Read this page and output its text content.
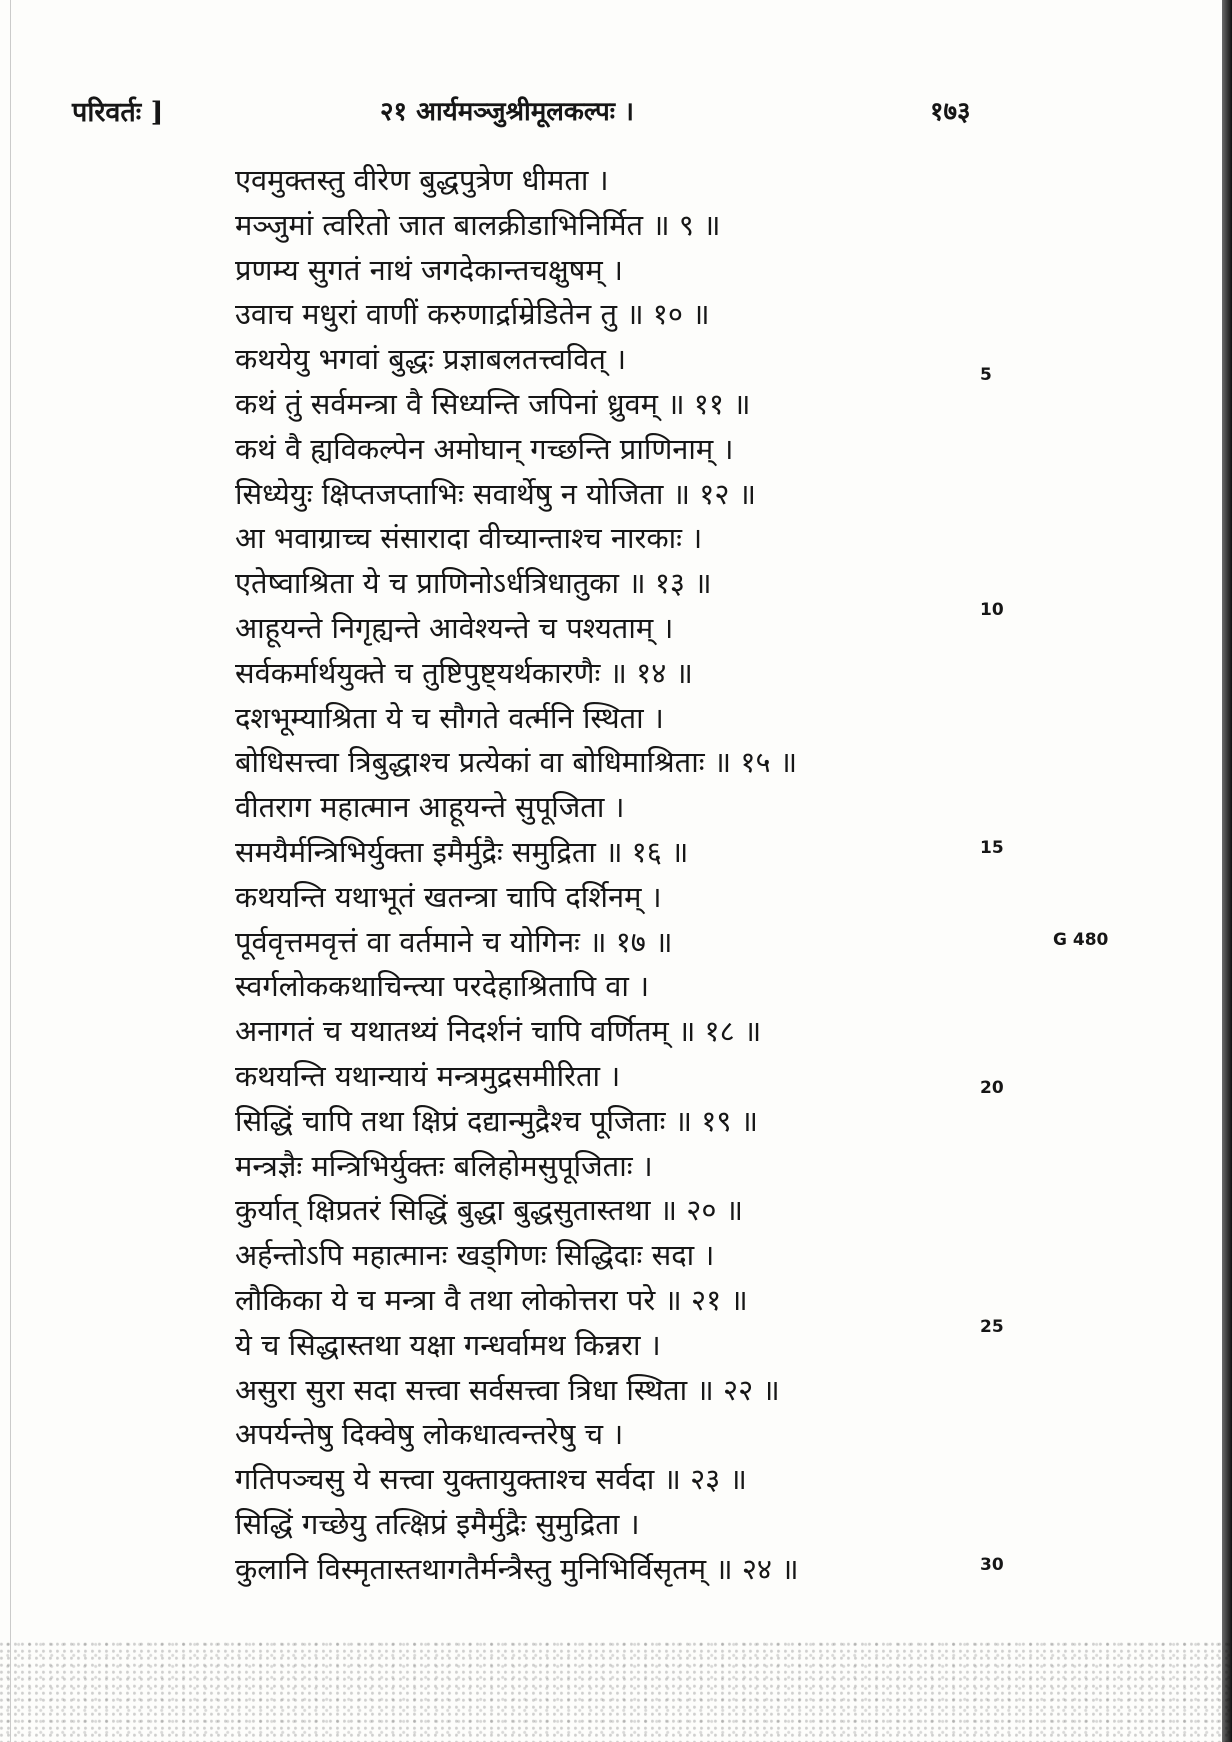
परिवर्तः ]	२१ आर्यमञ्जुश्रीमूलकल्पः ।	१७३
एवमुक्तस्तु वीरेण बुद्धपुत्रेण धीमता ।
मञ्जुमां त्वरितो जात बालक्रीडाभिनिर्मित ॥ ९ ॥
प्रणम्य सुगतं नाथं जगदेकान्तचक्षुषम् ।
उवाच मधुरां वाणीं करुणार्द्राम्रेडितेन तु ॥ १० ॥
कथयेयु भगवां बुद्धः प्रज्ञाबलतत्त्ववित् ।
कथं तुं सर्वमन्त्रा वै सिध्यन्ति जपिनां ध्रुवम् ॥ ११ ॥
कथं वै ह्यविकल्पेन अमोघान् गच्छन्ति प्राणिनाम् ।
सिध्येयुः क्षिप्तजप्ताभिः सवार्थेषु न योजिता ॥ १२ ॥
आ भवाग्राच्च संसारादा वीच्यान्ताश्च नारकाः ।
एतेष्वाश्रिता ये च प्राणिनोऽर्धत्रिधातुका ॥ १३ ॥
आहूयन्ते निगृह्यन्ते आवेश्यन्ते च पश्यताम् ।
सर्वकर्मार्थयुक्ते च तुष्टिपुष्ट्यर्थकारणैः ॥ १४ ॥
दशभूम्याश्रिता ये च सौगते वर्त्मनि स्थिता ।
बोधिसत्त्वा त्रिबुद्धाश्च प्रत्येकां वा बोधिमाश्रिताः ॥ १५ ॥
वीतराग महात्मान आहूयन्ते सुपूजिता ।
समयैर्मन्त्रिभिर्युक्ता इमैर्मुद्रैः समुद्रिता ॥ १६ ॥
कथयन्ति यथाभूतं खतन्त्रा चापि दर्शिनम् ।
पूर्ववृत्तमवृत्तं वा वर्तमाने च योगिनः ॥ १७ ॥
स्वर्गलोककथाचिन्त्या परदेहाश्रितापि वा ।
अनागतं च यथातथ्यं निदर्शनं चापि वर्णितम् ॥ १८ ॥
कथयन्ति यथान्यायं मन्त्रमुद्रसमीरिता ।
सिद्धिं चापि तथा क्षिप्रं दद्यान्मुद्रैश्च पूजिताः ॥ १९ ॥
मन्त्रज्ञैः मन्त्रिभिर्युक्तः बलिहोमसुपूजिताः ।
कुर्यात् क्षिप्रतरं सिद्धिं बुद्धा बुद्धसुतास्तथा ॥ २० ॥
अर्हन्तोऽपि महात्मानः खड्गिणः सिद्धिदाः सदा ।
लौकिका ये च मन्त्रा वै तथा लोकोत्तरा परे ॥ २१ ॥
ये च सिद्धास्तथा यक्षा गन्धर्वामथ किन्नरा ।
असुरा सुरा सदा सत्त्वा सर्वसत्त्वा त्रिधा स्थिता ॥ २२ ॥
अपर्यन्तेषु दिक्वेषु लोकधात्वन्तरेषु च ।
गतिपञ्चसु ये सत्त्वा युक्तायुक्ताश्च सर्वदा ॥ २३ ॥
सिद्धिं गच्छेयु तत्क्षिप्रं इमैर्मुद्रैः सुमुद्रिता ।
कुलानि विस्मृतास्तथागतैर्मन्त्रैस्तु मुनिभिर्विसृतम् ॥ २४ ॥
5
10
15
20
25
30
G 480
